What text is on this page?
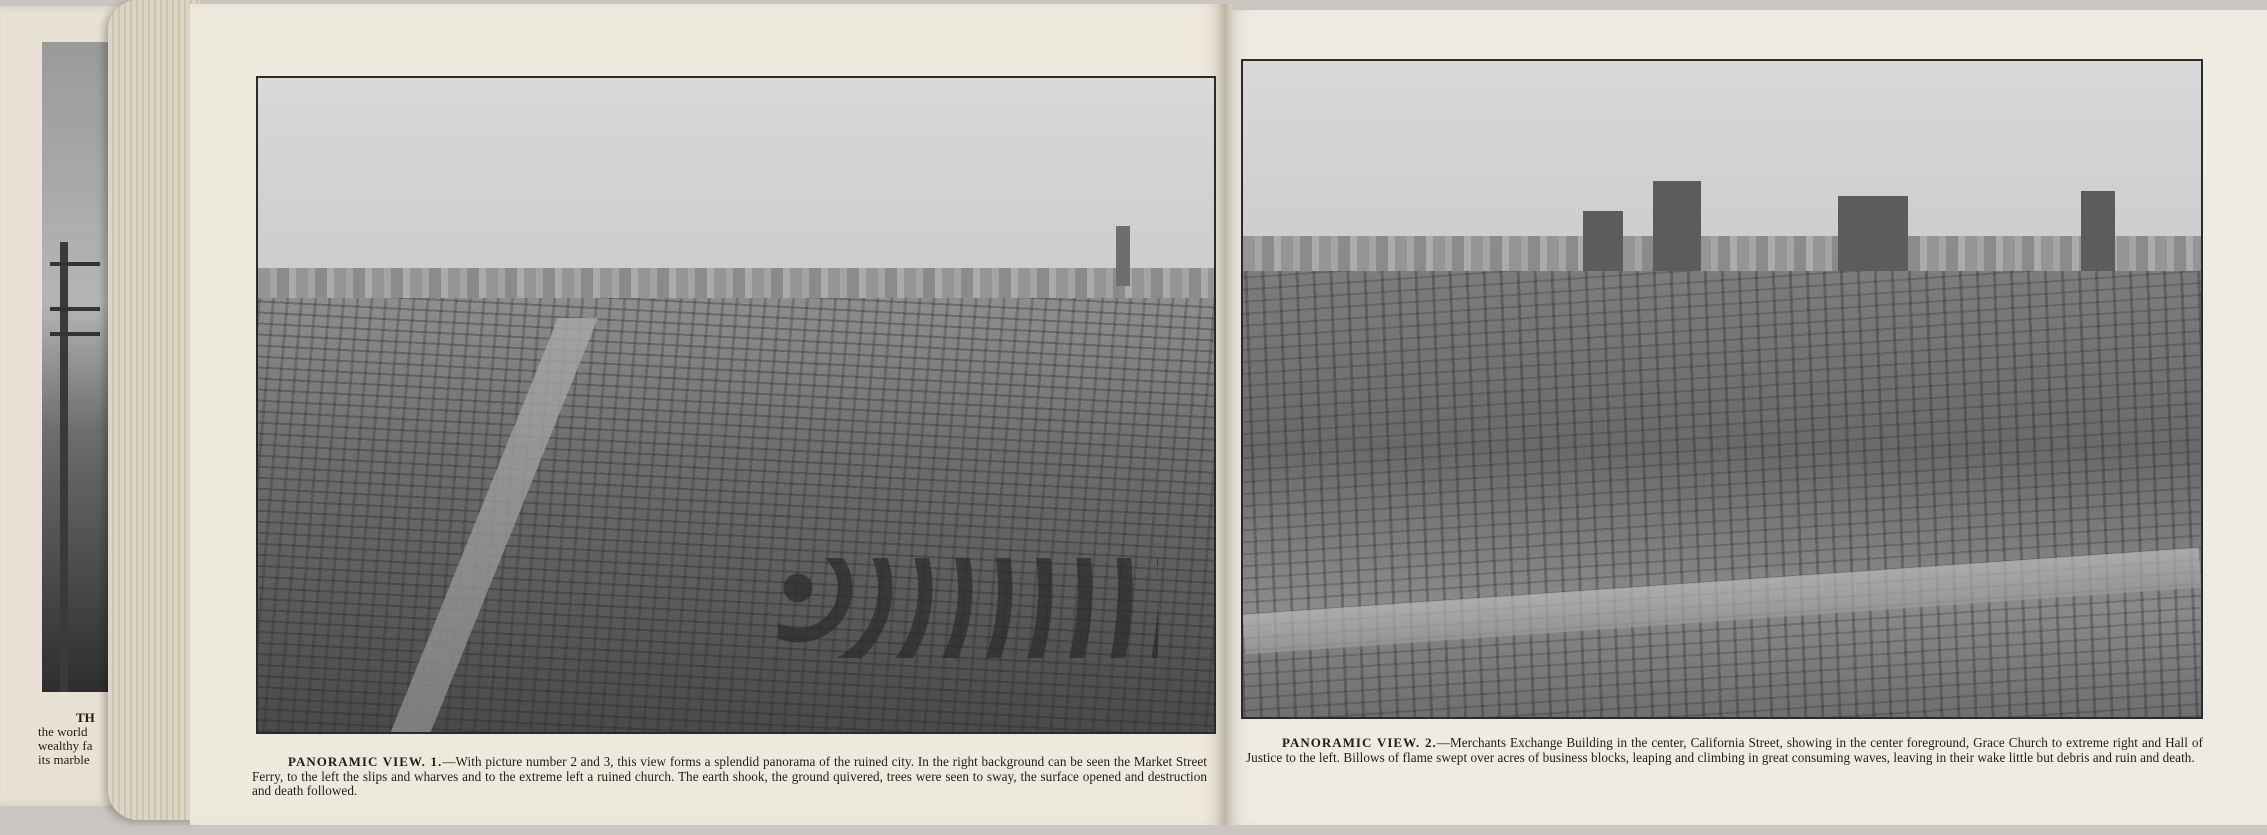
TH
the world
wealthy fa
its marble	PANORAMIC VIEW. 1.—With picture number 2 and 3, this view forms a splendid panorama of the ruined city. In the right background can be seen the Market Street Ferry, to the left the slips and wharves and to the extreme left a ruined church. The earth shook, the ground quivered, trees were seen to sway, the surface opened and destruction and death followed.
PANORAMIC VIEW. 2.—Merchants Exchange Building in the center, California Street, showing in the center foreground, Grace Church to extreme right and Hall of Justice to the left. Billows of flame swept over acres of business blocks, leaping and climbing in great consuming waves, leaving in their wake little but debris and ruin and death.
